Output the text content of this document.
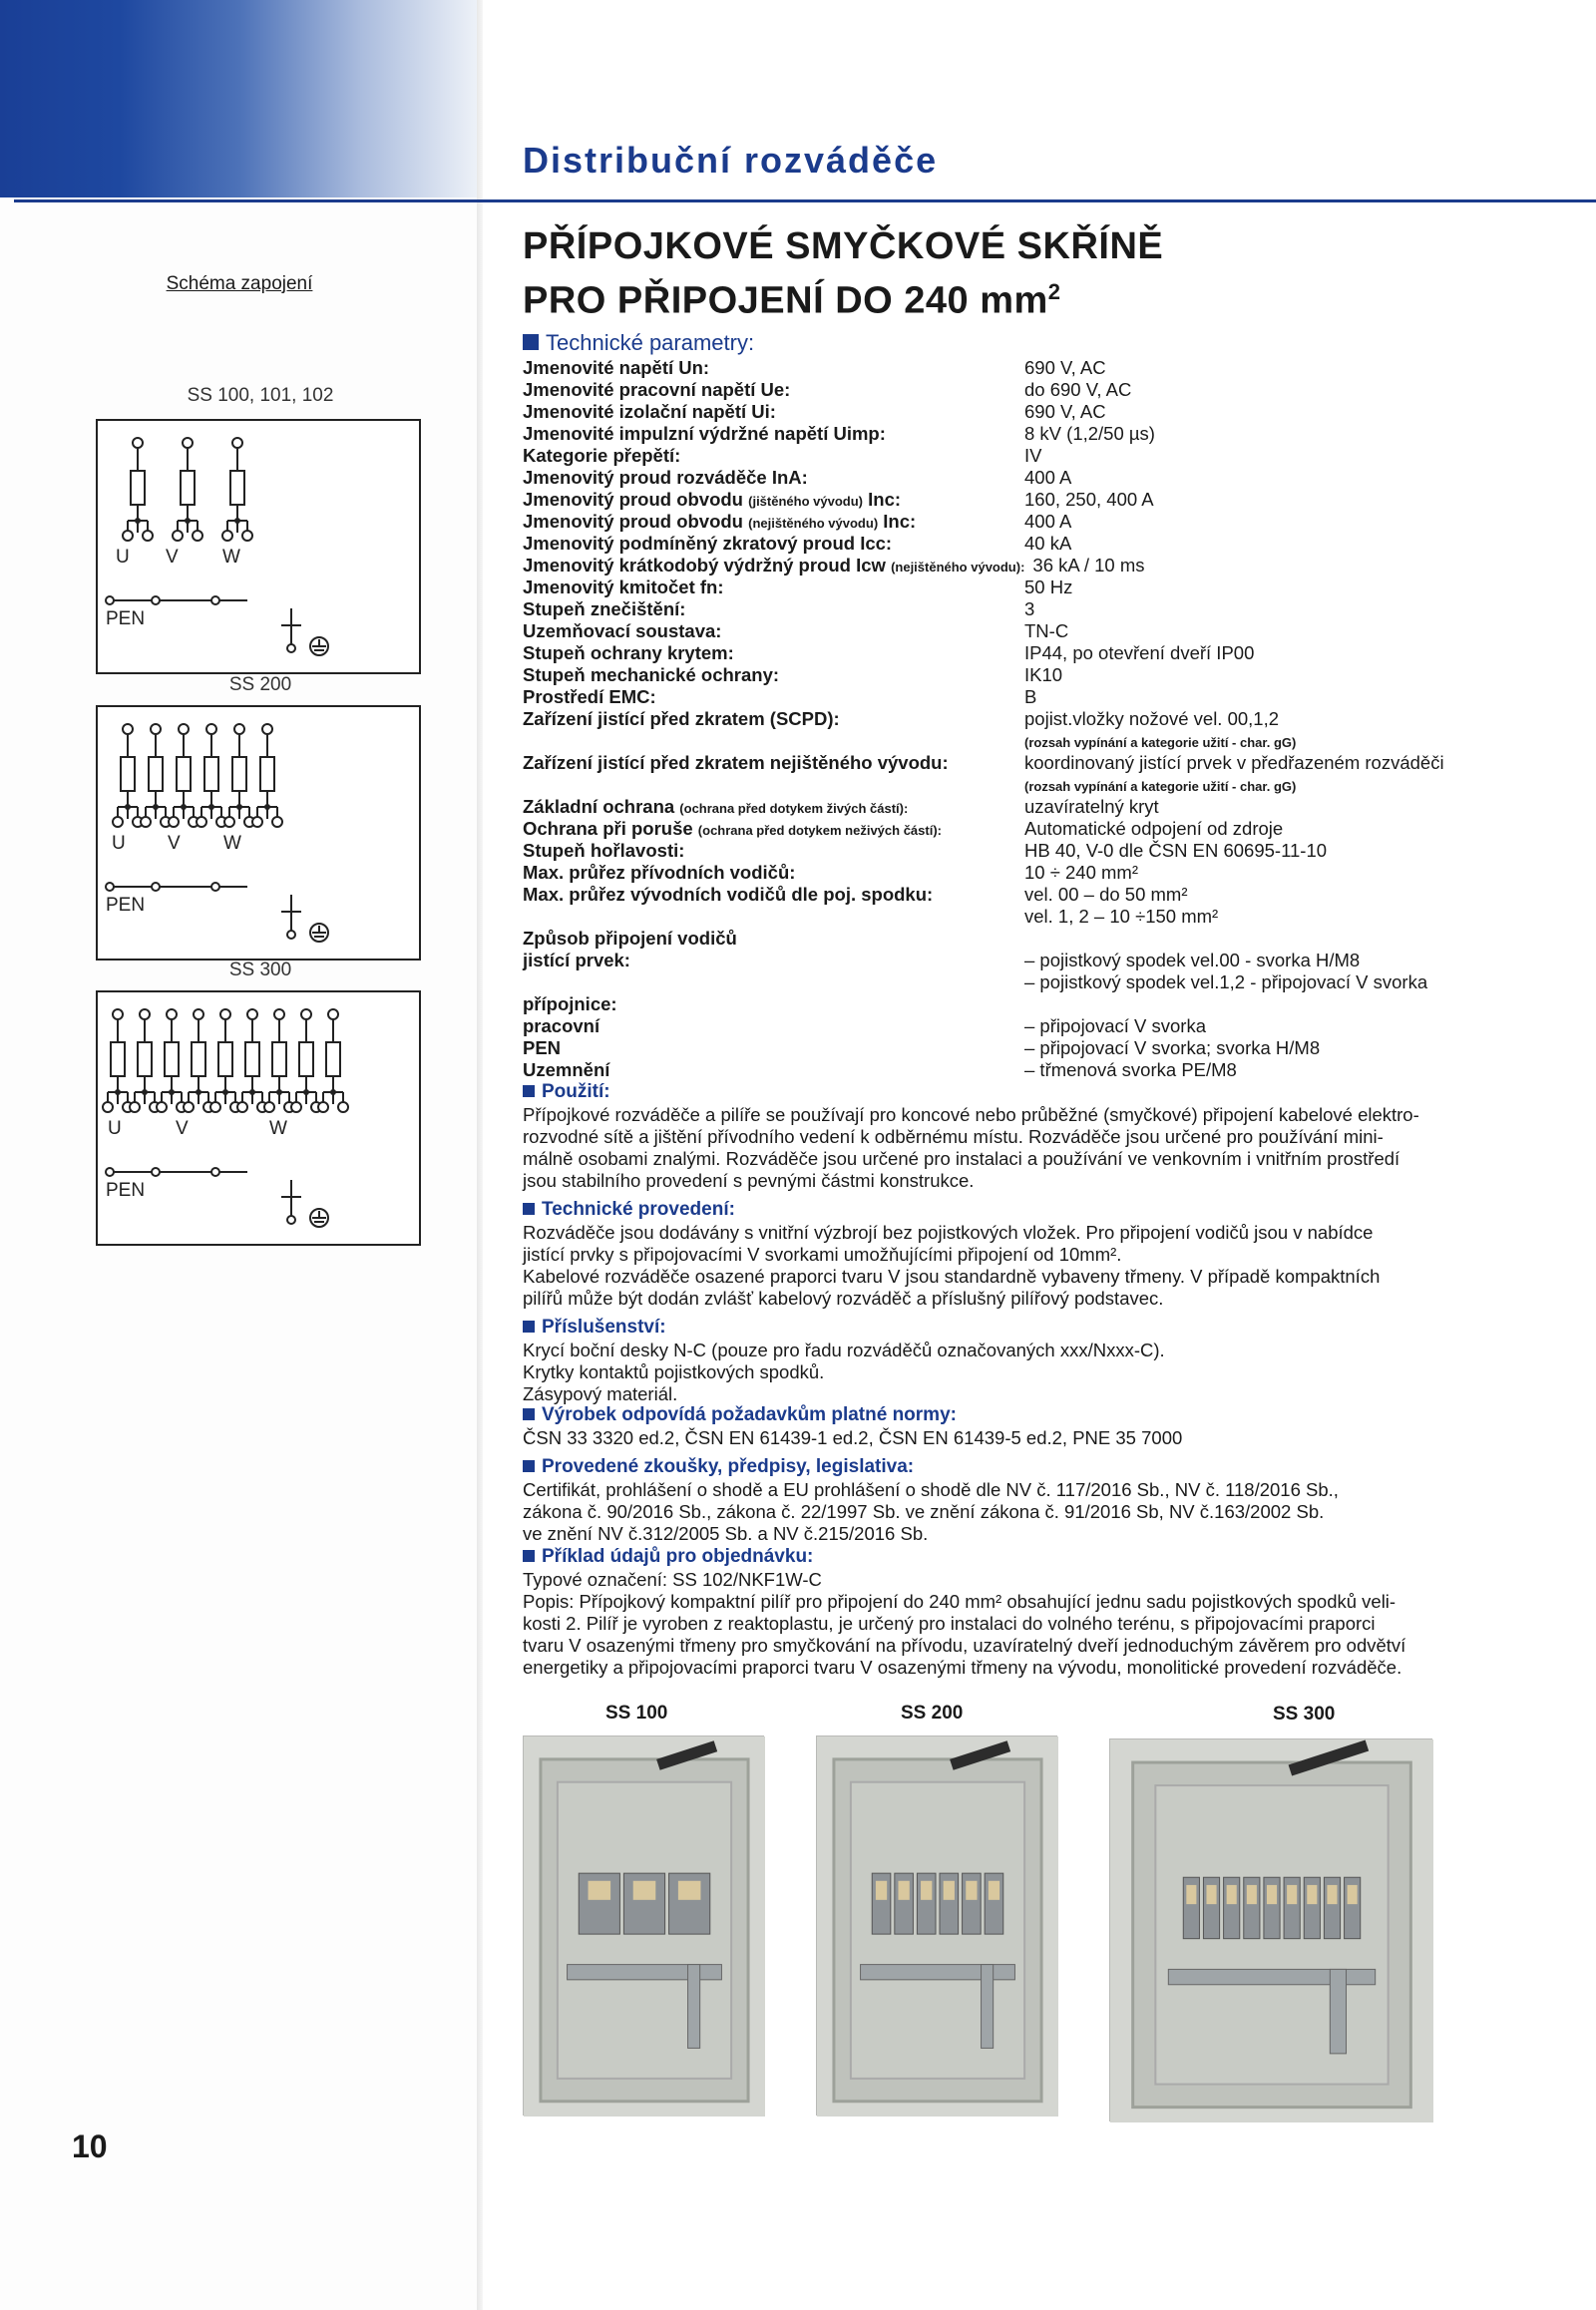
Distribuční rozváděče
Schéma zapojení
SS 100, 101, 102
U V W
PEN
SS 200
U V W
PEN
SS 300
U	V	W
PEN
PŘÍPOJKOVÉ SMYČKOVÉ SKŘÍNĚ
PRO PŘIPOJENÍ DO 240 $mm^2$
Technické parametry:
Jmenovité napětí Un:	690 V, AC
Jmenovité pracovní napětí Ue:	do 690 V, AC
Jmenovité izolační napětí Ui:	690 V, AC
Jmenovité impulzní výdržné napětí Uimp:	8 kV (1,2/50 µs)
Kategorie přepětí:	IV
Jmenovitý proud rozváděče InA:	400 A
Jmenovitý proud obvodu (jištěného vývodu) Inc:	160, 250, 400 A
Jmenovitý proud obvodu (nejištěného vývodu) Inc:	400 A
Jmenovitý podmíněný zkratový proud Icc:	40 kA
Jmenovitý krátkodobý výdržný proud Icw (nejištěného vývodu): 36 kA / 10 ms
Jmenovitý kmitočet fn:	50 Hz
Stupeň znečištění:	3
Uzemňovací soustava:	TN-C
Stupeň ochrany krytem:	IP44, po otevření dveří IP00
Stupeň mechanické ochrany:	IK10
Prostředí EMC:	B
Zařízení jistící před zkratem (SCPD):	pojist.vložky nožové vel. 00,1,2
(rozsah vypínání a kategorie užití - char. gG)
Zařízení jistící před zkratem nejištěného vývodu:	koordinovaný jistící prvek v předřazeném rozváděči
(rozsah vypínání a kategorie užití - char. gG)
Základní ochrana (ochrana před dotykem živých částí):	uzavíratelný kryt
Ochrana při poruše (ochrana před dotykem neživých částí):	Automatické odpojení od zdroje
Stupeň hořlavosti:	HB 40, V-0 dle ČSN EN 60695-11-10
Max. průřez přívodních vodičů:	10 ÷ 240 mm²
Max. průřez vývodních vodičů dle poj. spodku:	vel. 00 – do 50 mm²
vel. 1, 2 – 10 ÷150 mm²
Způsob připojení vodičů
jistící prvek:	– pojistkový spodek vel.00 - svorka H/M8
– pojistkový spodek vel.1,2 - připojovací V svorka
přípojnice:
pracovní	– připojovací V svorka
PEN	– připojovací V svorka; svorka H/M8
Uzemnění	– třmenová svorka PE/M8
Použití:
Přípojkové rozváděče a pilíře se používají pro koncové nebo průběžné (smyčkové) připojení kabelové elektro-
rozvodné sítě a jištění přívodního vedení k odběrnému místu. Rozváděče jsou určené pro používání mini-
málně osobami znalými. Rozváděče jsou určené pro instalaci a používání ve venkovním i vnitřním prostředí
jsou stabilního provedení s pevnými částmi konstrukce.
Technické provedení:
Rozváděče jsou dodávány s vnitřní výzbrojí bez pojistkových vložek. Pro připojení vodičů jsou v nabídce
jistící prvky s připojovacími V svorkami umožňujícími připojení od 10mm².
Kabelové rozváděče osazené praporci tvaru V jsou standardně vybaveny třmeny. V případě kompaktních
pilířů může být dodán zvlášť kabelový rozváděč a příslušný pilířový podstavec.
Příslušenství:
Krycí boční desky N-C (pouze pro řadu rozváděčů označovaných xxx/Nxxx-C).
Krytky kontaktů pojistkových spodků.
Zásypový materiál.
Výrobek odpovídá požadavkům platné normy:
ČSN 33 3320 ed.2, ČSN EN 61439-1 ed.2, ČSN EN 61439-5 ed.2, PNE 35 7000
Provedené zkoušky, předpisy, legislativa:
Certifikát, prohlášení o shodě a EU prohlášení o shodě dle NV č. 117/2016 Sb., NV č. 118/2016 Sb.,
zákona č. 90/2016 Sb., zákona č. 22/1997 Sb. ve znění zákona č. 91/2016 Sb, NV č.163/2002 Sb.
ve znění NV č.312/2005 Sb. a NV č.215/2016 Sb.
Příklad údajů pro objednávku:
Typové označení: SS 102/NKF1W-C
Popis: Přípojkový kompaktní pilíř pro připojení do 240 mm² obsahující jednu sadu pojistkových spodků veli-
kosti 2. Pilíř je vyroben z reaktoplastu, je určený pro instalaci do volného terénu, s připojovacími praporci
tvaru V osazenými třmeny pro smyčkování na přívodu, uzavíratelný dveří jednoduchým závěrem pro odvětví
energetiky a připojovacími praporci tvaru V osazenými třmeny na vývodu, monolitické provedení rozváděče.
SS 100	SS 200	SS 300
10
